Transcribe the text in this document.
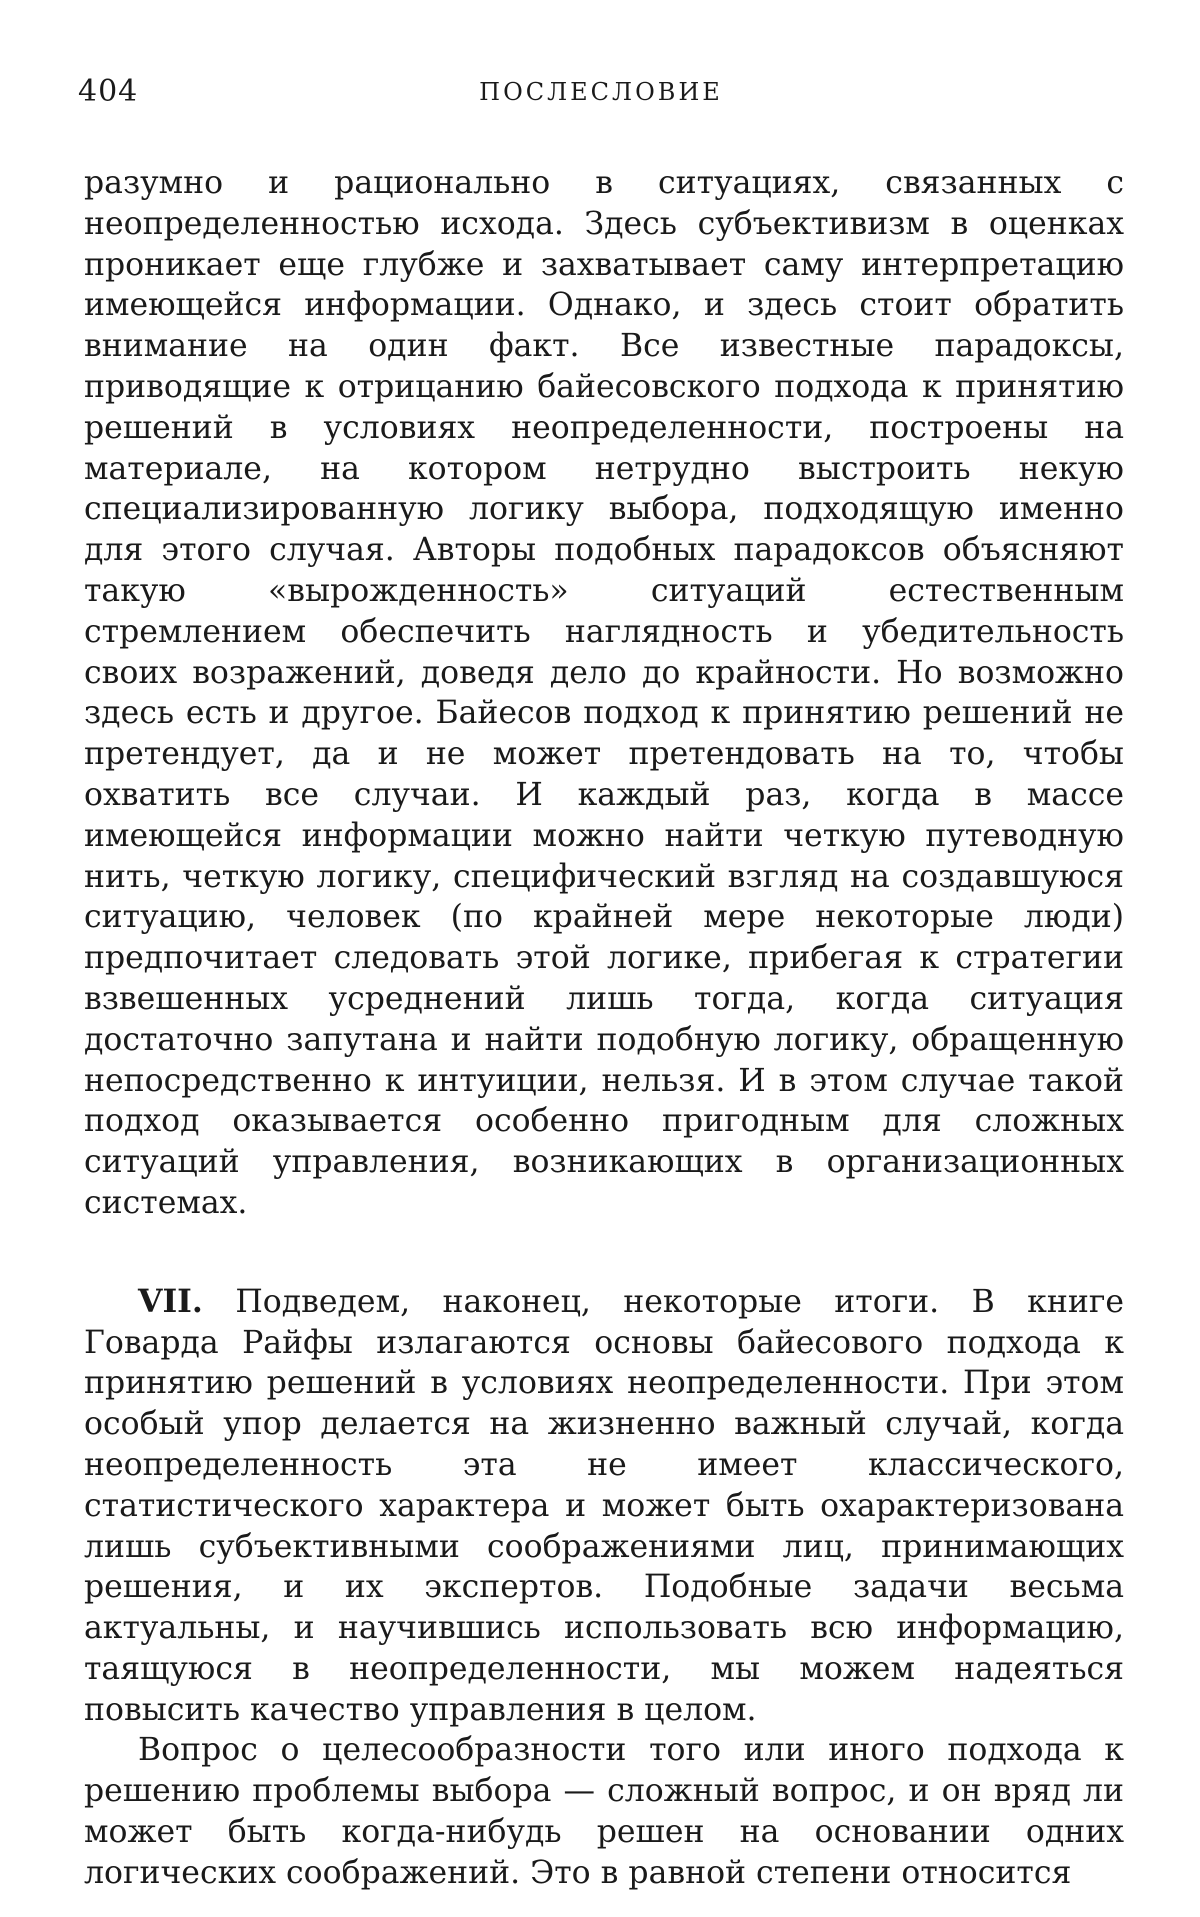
404	ПОСЛЕСЛОВИЕ

разумно и рационально в ситуациях, связанных с неопределенностью исхода. Здесь субъективизм в оценках проникает еще глубже и захватывает саму интерпретацию имеющейся информации. Однако, и здесь стоит обратить внимание на один факт. Все известные парадоксы, приводящие к отрицанию байесовского подхода к принятию решений в условиях неопределенности, построены на материале, на котором нетрудно выстроить некую специализированную логику выбора, подходящую именно для этого случая. Авторы подобных парадоксов объясняют такую «вырожденность» ситуаций естественным стремлением обеспечить наглядность и убедительность своих возражений, доведя дело до крайности. Но возможно здесь есть и другое. Байесов подход к принятию решений не претендует, да и не может претендовать на то, чтобы охватить все случаи. И каждый раз, когда в массе имеющейся информации можно найти четкую путеводную нить, четкую логику, специфический взгляд на создавшуюся ситуацию, человек (по крайней мере некоторые люди) предпочитает следовать этой логике, прибегая к стратегии взвешенных усреднений лишь тогда, когда ситуация достаточно запутана и найти подобную логику, обращенную непосредственно к интуиции, нельзя. И в этом случае такой подход оказывается особенно пригодным для сложных ситуаций управления, возникающих в организационных системах.

VII. Подведем, наконец, некоторые итоги. В книге Говарда Райфы излагаются основы байесового подхода к принятию решений в условиях неопределенности. При этом особый упор делается на жизненно важный случай, когда неопределенность эта не имеет классического, статистического характера и может быть охарактеризована лишь субъективными соображениями лиц, принимающих решения, и их экспертов. Подобные задачи весьма актуальны, и научившись использовать всю информацию, таящуюся в неопределенности, мы можем надеяться повысить качество управления в целом.

Вопрос о целесообразности того или иного подхода к решению проблемы выбора — сложный вопрос, и он вряд ли может быть когда-нибудь решен на основании одних логических соображений. Это в равной степени относится
